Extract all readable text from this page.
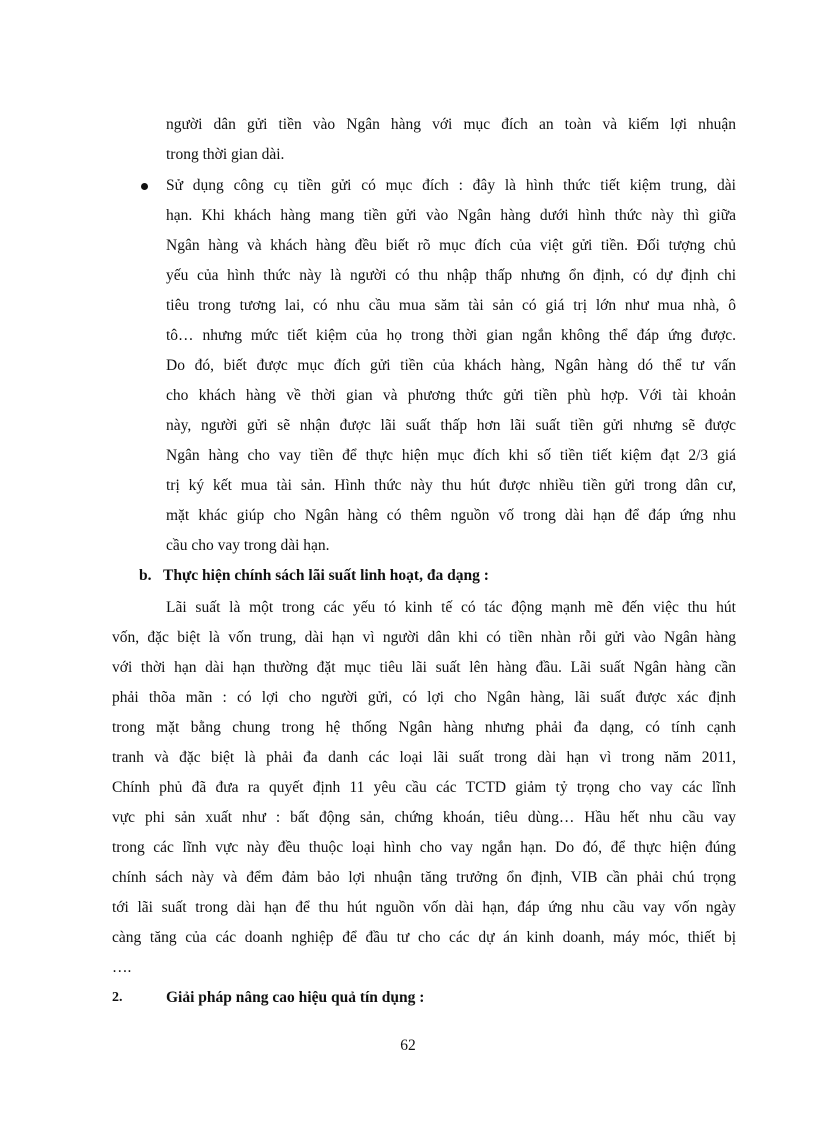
người dân gửi tiền vào Ngân hàng với mục đích an toàn và kiếm lợi nhuận
trong thời gian dài.
Sử dụng công cụ tiền gửi có mục đích : đây là hình thức tiết kiệm trung, dài
hạn. Khi khách hàng mang tiền gửi vào Ngân hàng dưới hình thức này thì giữa
Ngân hàng và khách hàng đều biết rõ mục đích của việt gửi tiền. Đối tượng chủ
yếu của hình thức này là người có thu nhập thấp nhưng ổn định, có dự định chi
tiêu trong tương lai, có nhu cầu mua săm tài sản có giá trị lớn như mua nhà, ô
tô… nhưng mức tiết kiệm của họ trong thời gian ngắn không thể đáp ứng được.
Do đó, biết được mục đích gửi tiền của khách hàng, Ngân hàng dó thể tư vấn
cho khách hàng về thời gian và phương thức gửi tiền phù hợp. Với tài khoản
này, người gửi sẽ nhận được lãi suất thấp hơn lãi suất tiền gửi nhưng sẽ được
Ngân hàng cho vay tiền để thực hiện mục đích khi số tiền tiết kiệm đạt 2/3 giá
trị ký kết mua tài sản. Hình thức này thu hút được nhiều tiền gửi trong dân cư,
mặt khác giúp cho Ngân hàng có thêm nguồn vố trong dài hạn để đáp ứng nhu
cầu cho vay trong dài hạn.
b. Thực hiện chính sách lãi suất linh hoạt, đa dạng :
Lãi suất là một trong các yếu tó kinh tế có tác động mạnh mẽ đến việc thu hút
vốn, đặc biệt là vốn trung, dài hạn vì người dân khi có tiền nhàn rỗi gửi vào Ngân hàng
với thời hạn dài hạn thường đặt mục tiêu lãi suất lên hàng đầu. Lãi suất Ngân hàng cần
phải thõa mãn : có lợi cho người gửi, có lợi cho Ngân hàng, lãi suất được xác định
trong mặt bằng chung trong hệ thống Ngân hàng nhưng phải đa dạng, có tính cạnh
tranh và đặc biệt là phải đa danh các loại lãi suất trong dài hạn vì trong năm 2011,
Chính phủ đã đưa ra quyết định 11 yêu cầu các TCTD giảm tỷ trọng cho vay các lĩnh
vực phi sản xuất như : bất động sản, chứng khoán, tiêu dùng… Hầu hết nhu cầu vay
trong các lĩnh vực này đều thuộc loại hình cho vay ngắn hạn. Do đó, để thực hiện đúng
chính sách này và đểm đảm bảo lợi nhuận tăng trưởng ổn định, VIB cần phải chú trọng
tới lãi suất trong dài hạn để thu hút nguồn vốn dài hạn, đáp ứng nhu cầu vay vốn ngày
càng tăng của các doanh nghiệp để đầu tư cho các dự án kinh doanh, máy móc, thiết bị
….
2.	Giải pháp nâng cao hiệu quả tín dụng :
62
